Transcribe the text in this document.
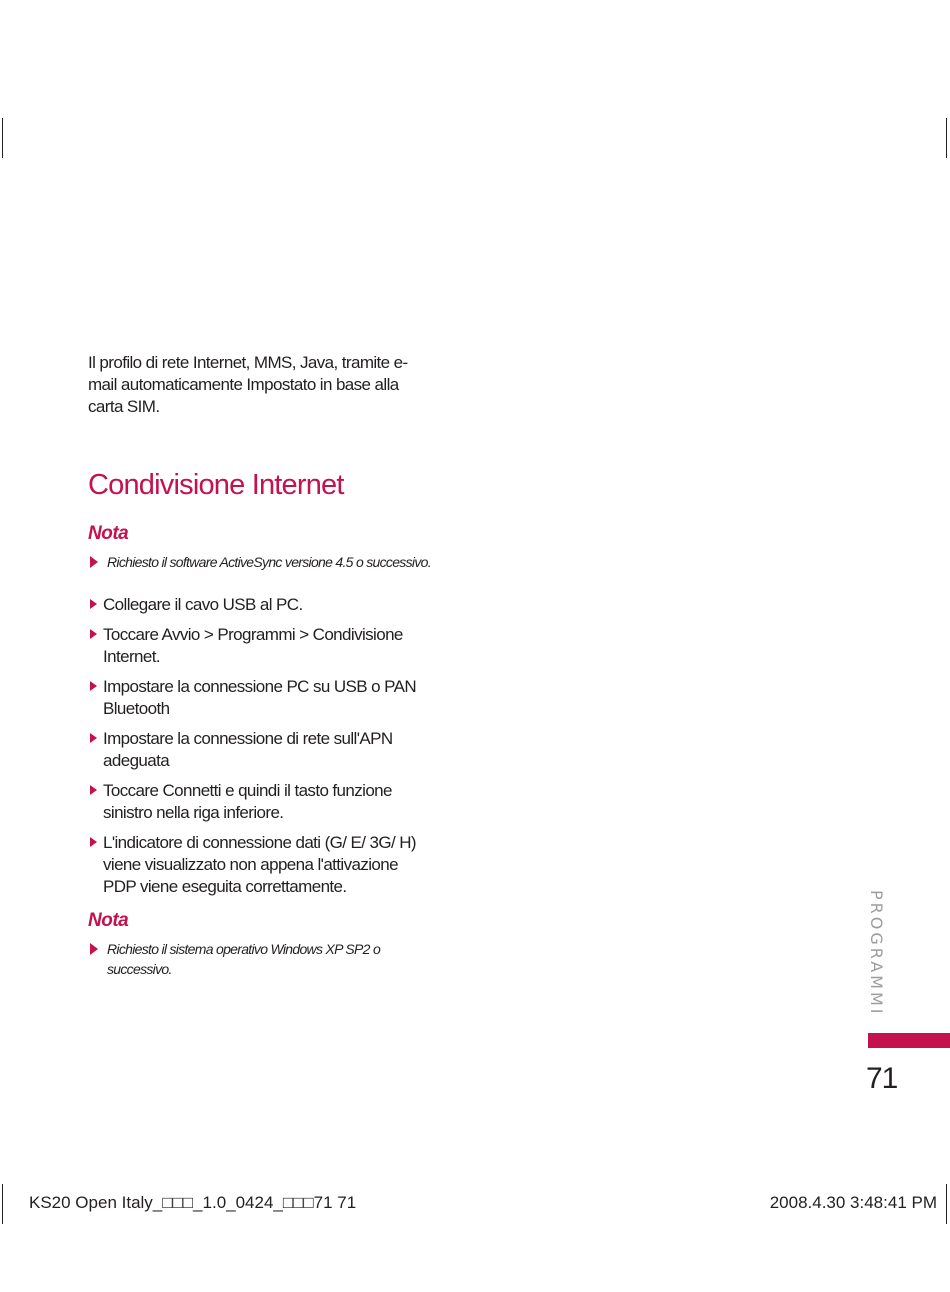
Il profilo di rete Internet, MMS, Java, tramite e-mail automaticamente Impostato in base alla carta SIM.

Condivisione Internet
Nota
Richiesto il software ActiveSync versione 4.5 o successivo.
Collegare il cavo USB al PC.
Toccare Avvio > Programmi > Condivisione Internet.
Impostare la connessione PC su USB o PAN Bluetooth
Impostare la connessione di rete sull'APN adeguata
Toccare Connetti e quindi il tasto funzione sinistro nella riga inferiore.
L'indicatore di connessione dati (G/ E/ 3G/ H) viene visualizzato non appena l'attivazione PDP viene eseguita correttamente.
Nota
Richiesto il sistema operativo Windows XP SP2 o successivo.	PROGRAMMI
71
KS20 Open Italy_□□□_1.0_0424_□□□71 71	2008.4.30 3:48:41 PM
